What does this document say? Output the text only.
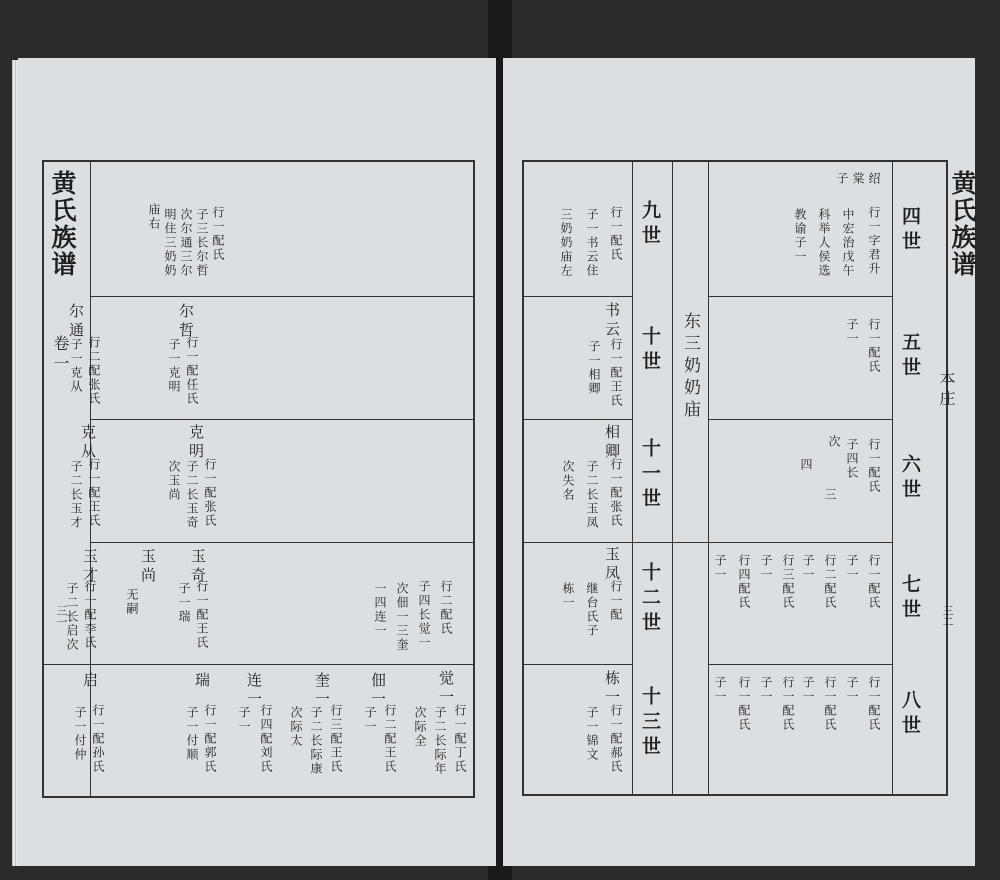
黄氏族谱
卷一
三一
庙右 明住三奶奶 次尔通三尔 子三长尔哲 行一配氏
尔通
子一克从 行二配张氏
尔哲
子一克明 行一配任氏
克从
子二长玉才 行一配王氏
克明
次玉尚 子二长玉奇 行一配张氏
玉才
子二长启次 行一配李氏
玉尚
无嗣
玉奇
子一瑞 行一配王氏	一四连一 次佃一三奎 子四长觉一 行二配氏
启
子一付仲 行一配孙氏
瑞
子一付顺 行一配郭氏
连一
子一 行四配刘氏
奎一
次际太 子二长际康 行三配王氏
佃一
子一 行二配王氏
觉一
次际全 子二长际年 行一配丁氏
黄氏族谱
本庄
三二
四世
五世
六世
七世
八世
九世
十世
十一世
十二世
十三世
教谕子一 科举人侯选 中宏治戊午 行一字君升
子 棠 绍
子一 行一配氏
四
三
次 子四长 行一配氏
子一 行四配氏 子一 行三配氏 子一 行二配氏 子一 行一配氏
子一 行一配氏 子一 行一配氏 子一 行一配氏 子一 行一配氏
三奶奶庙左 子一书云住 行一配氏
东三奶奶庙
书云
子一相卿 行一配王氏
相卿
次失名 子二长玉凤 行一配张氏
玉凤
栋一 继台氏子 行一配
栋一
子一锦文 行一配郝氏
